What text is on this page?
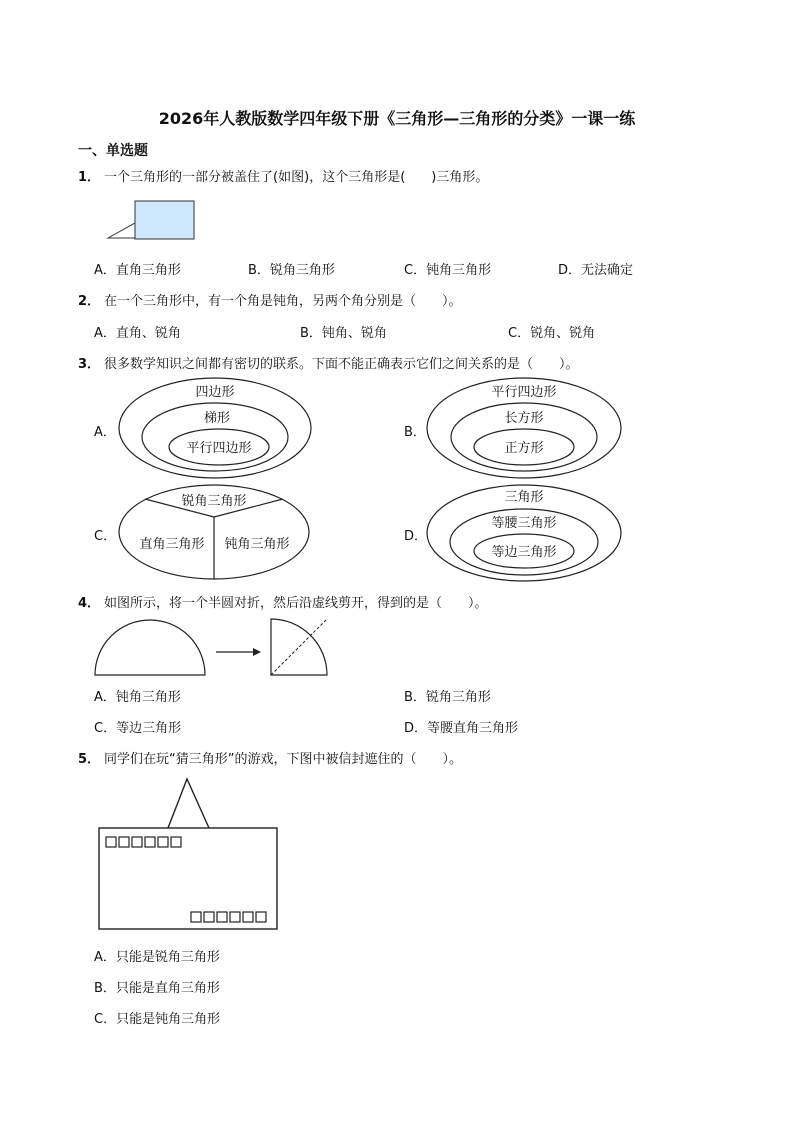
2026年人教版数学四年级下册《三角形—三角形的分类》一课一练
一、单选题
1． 一个三角形的一部分被盖住了(如图)，这个三角形是(　　)三角形。
A．直角三角形	B．锐角三角形	C．钝角三角形	D．无法确定
2． 在一个三角形中，有一个角是钝角，另两个角分别是（　　）。
A．直角、锐角	B．钝角、锐角	C．锐角、锐角
3． 很多数学知识之间都有密切的联系。下面不能正确表示它们之间关系的是（　　）。
A．
四边形
梯形
平行四边形
B．
平行四边形
长方形
正方形
C．
锐角三角形
直角三角形 钝角三角形
D．
三角形
等腰三角形
等边三角形
4． 如图所示，将一个半圆对折，然后沿虚线剪开，得到的是（　　）。
A．钝角三角形	B．锐角三角形
C．等边三角形	D．等腰直角三角形
5． 同学们在玩“猜三角形”的游戏，下图中被信封遮住的（　　）。
A．只能是锐角三角形
B．只能是直角三角形
C．只能是钝角三角形
